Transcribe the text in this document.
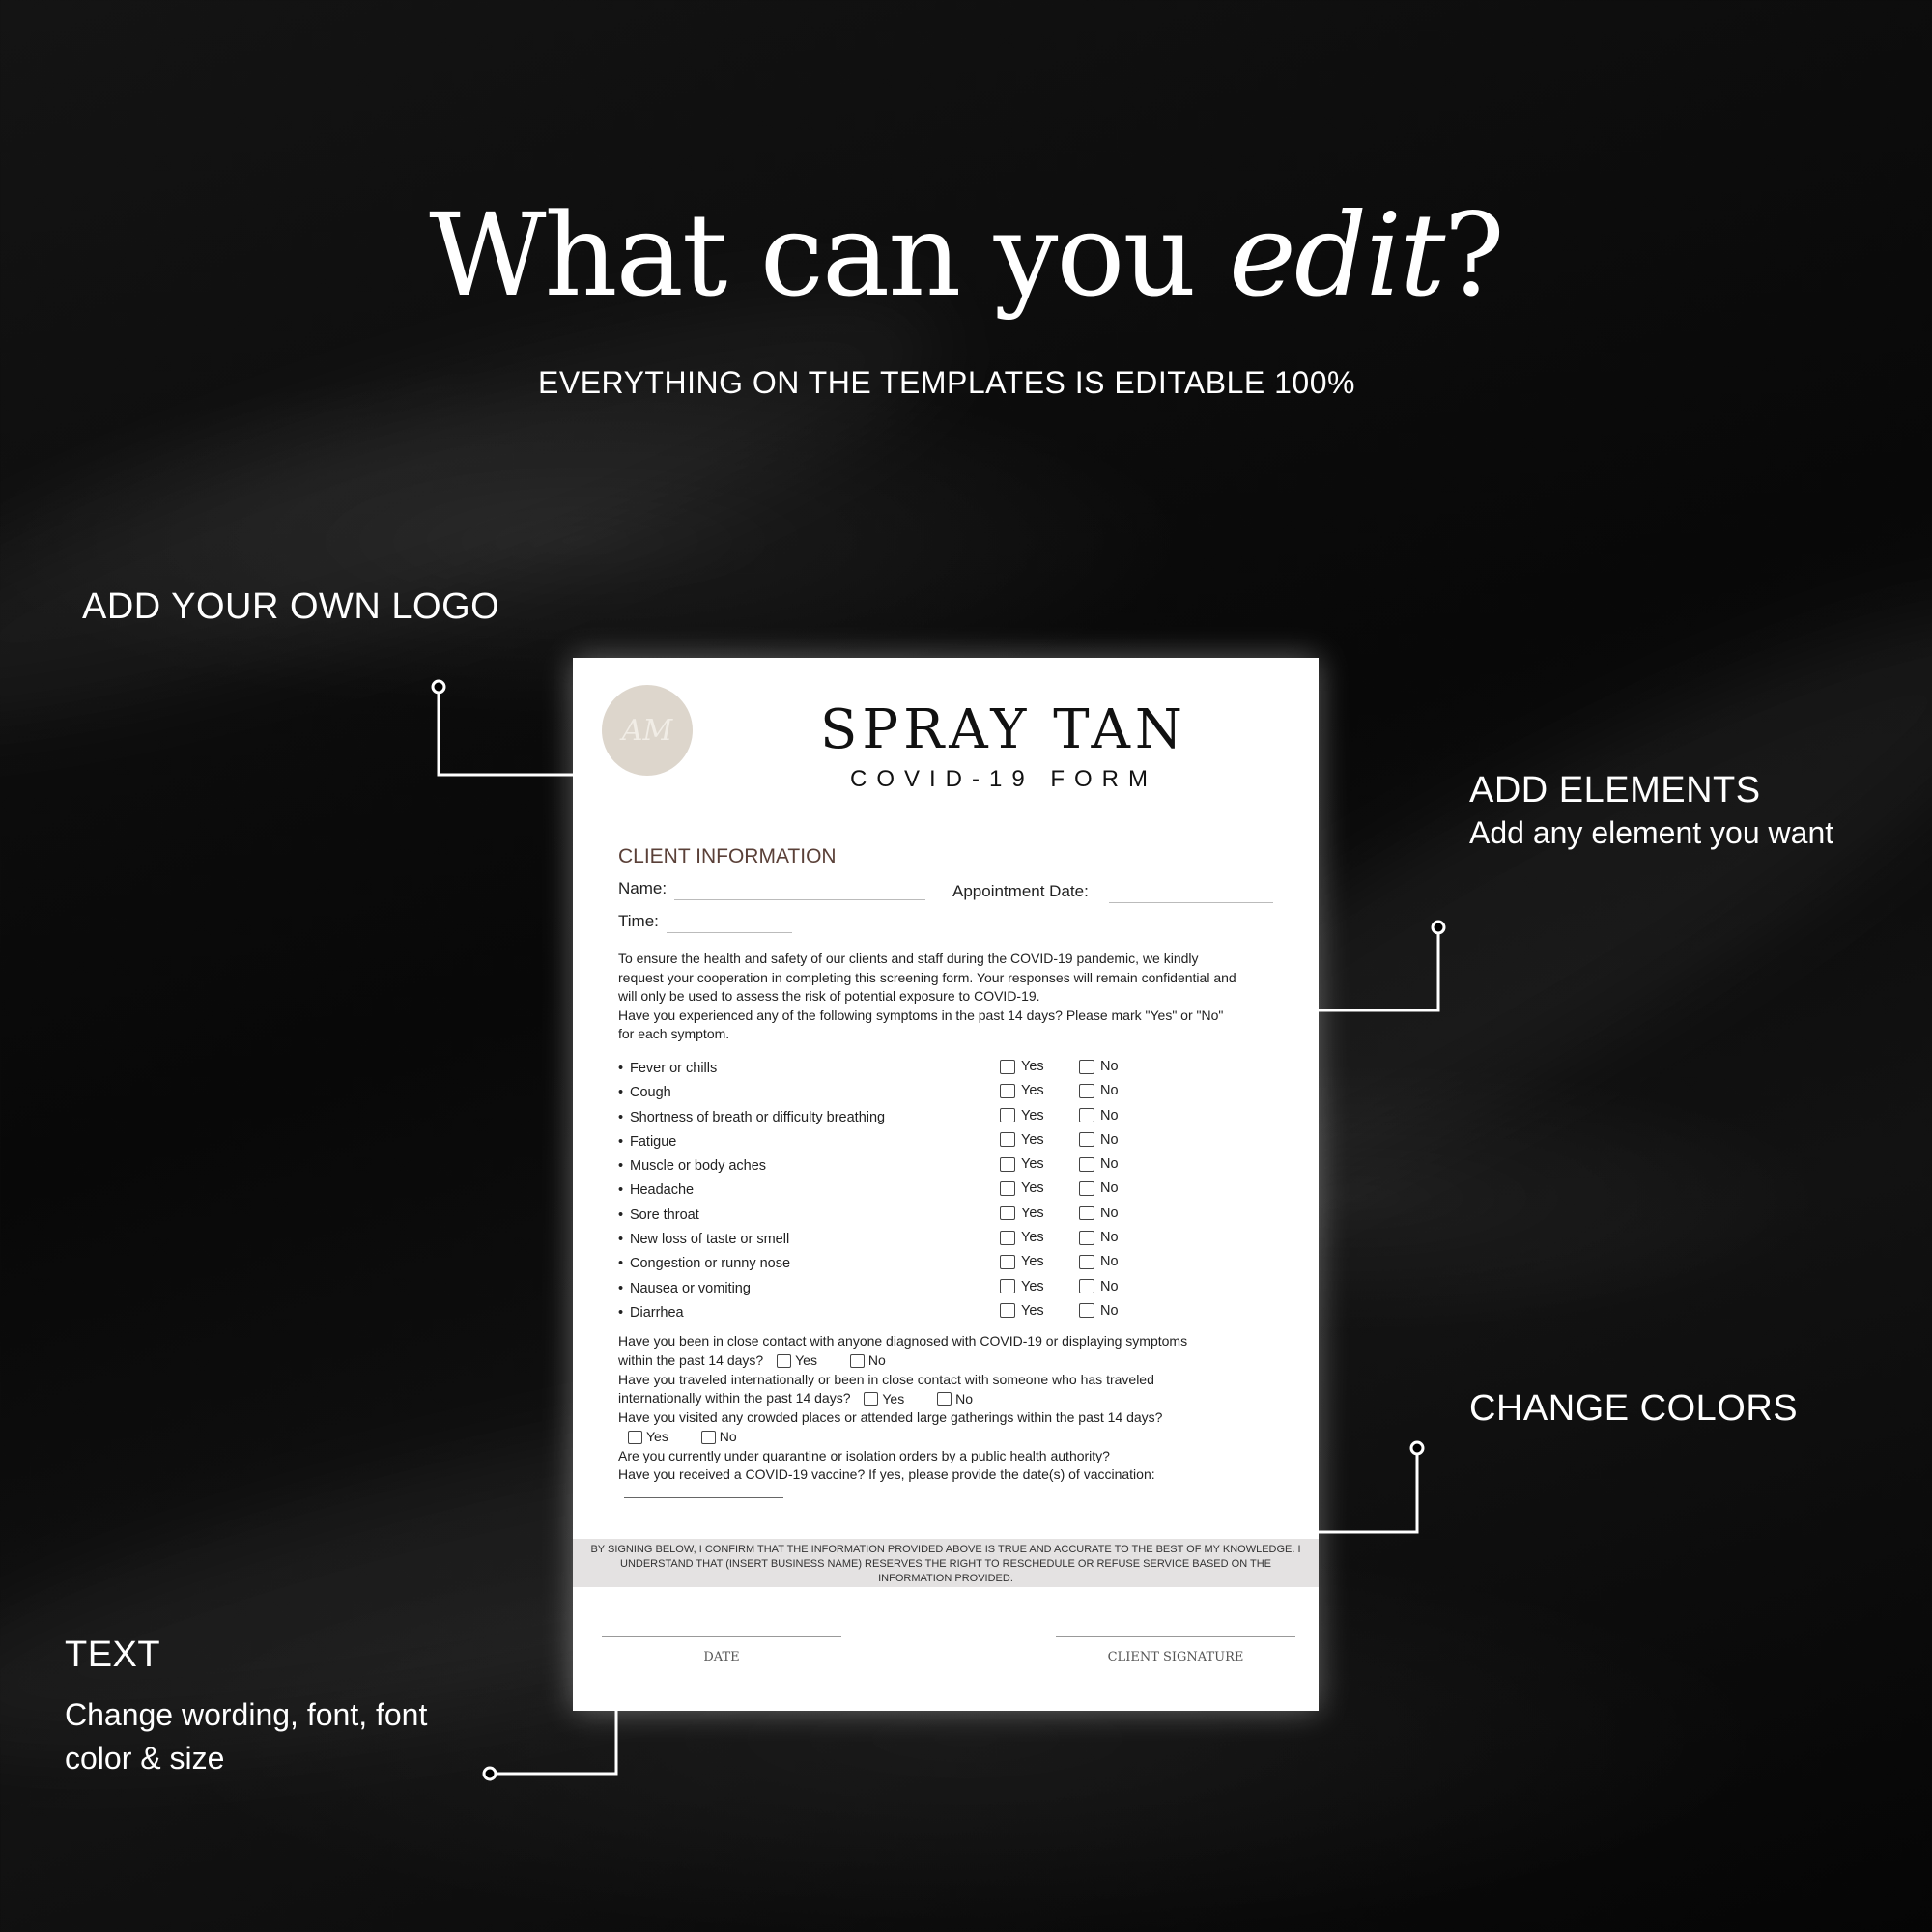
What can you edit?
EVERYTHING ON THE TEMPLATES IS EDITABLE 100%

ADD YOUR OWN LOGO

ADD ELEMENTS

Add any element you want

CHANGE COLORS

TEXT

Change wording, font, font

color & size

AM	SPRAY TAN
COVID-19 FORM
CLIENT INFORMATION
Name:	Appointment Date:
Time:
To ensure the health and safety of our clients and staff during the COVID-19 pandemic, we kindly request your cooperation in completing this screening form. Your responses will remain confidential and will only be used to assess the risk of potential exposure to COVID-19.
Have you experienced any of the following symptoms in the past 14 days? Please mark "Yes" or "No" for each symptom.
• Fever or chills	Yes	No
• Cough	Yes	No
• Shortness of breath or difficulty breathing	Yes	No
• Fatigue	Yes	No
• Muscle or body aches	Yes	No
• Headache	Yes	No
• Sore throat	Yes	No
• New loss of taste or smell	Yes	No
• Congestion or runny nose	Yes	No
• Nausea or vomiting	Yes	No
• Diarrhea	Yes	No
Have you been in close contact with anyone diagnosed with COVID-19 or displaying symptoms within the past 14 days? Yes
	No
Have you traveled internationally or been in close contact with someone who has traveled internationally within the past 14 days? Yes
	No
Have you visited any crowded places or attended large gatherings within the past 14 days?
Yes
	No
Are you currently under quarantine or isolation orders by a public health authority?
Have you received a COVID-19 vaccine? If yes, please provide the date(s) of vaccination:
BY SIGNING BELOW, I CONFIRM THAT THE INFORMATION PROVIDED ABOVE IS TRUE AND ACCURATE TO THE BEST OF MY KNOWLEDGE. I UNDERSTAND THAT (INSERT BUSINESS NAME) RESERVES THE RIGHT TO RESCHEDULE OR REFUSE SERVICE BASED ON THE INFORMATION PROVIDED.
DATE	CLIENT SIGNATURE
